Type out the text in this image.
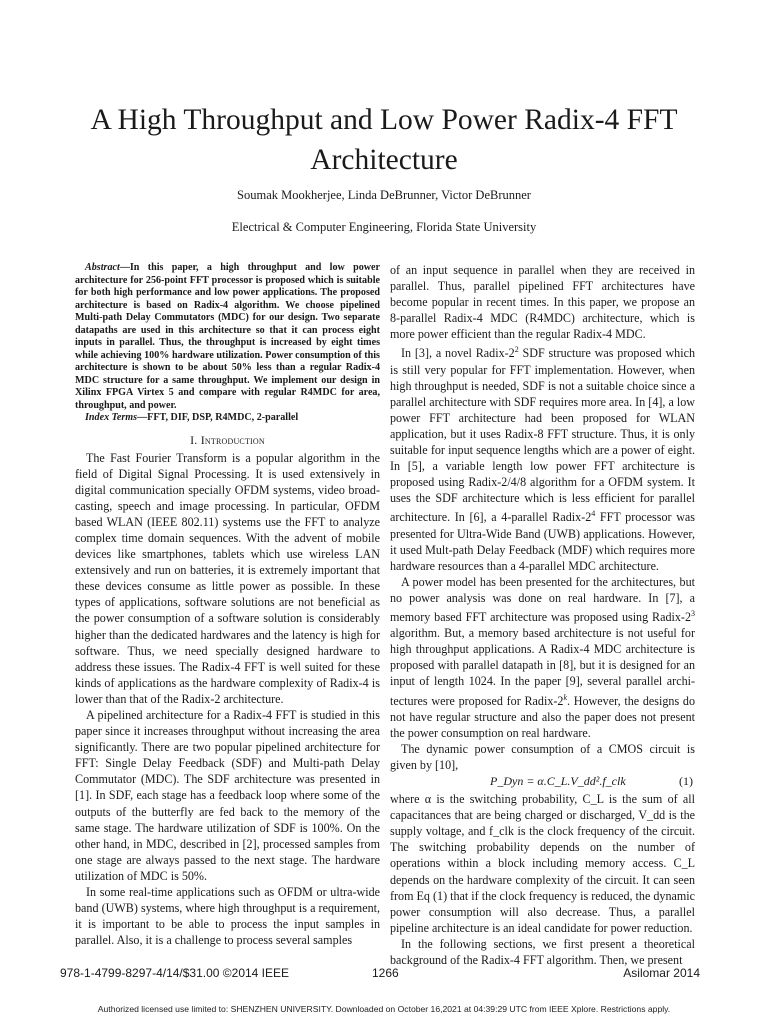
A High Throughput and Low Power Radix-4 FFT Architecture
Soumak Mookherjee, Linda DeBrunner, Victor DeBrunner
Electrical & Computer Engineering, Florida State University

Abstract—In this paper, a high throughput and low power architecture for 256-point FFT processor is proposed which is suitable for both high performance and low power applications. The proposed architecture is based on Radix-4 algorithm. We choose pipelined Multi-path Delay Commutators (MDC) for our design. Two separate datapaths are used in this architecture so that it can process eight inputs in parallel. Thus, the throughput is increased by eight times while achieving 100% hardware utilization. Power consumption of this architecture is shown to be about 50% less than a regular Radix-4 MDC structure for a same throughput. We implement our design in Xilinx FPGA Virtex 5 and compare with regular R4MDC for area, throughput, and power.

Index Terms—FFT, DIF, DSP, R4MDC, 2-parallel

I. Introduction

The Fast Fourier Transform is a popular algorithm in the field of Digital Signal Processing. It is used extensively in digital communication specially OFDM systems, video broad-casting, speech and image processing. In particular, OFDM based WLAN (IEEE 802.11) systems use the FFT to analyze complex time domain sequences. With the advent of mobile devices like smartphones, tablets which use wireless LAN extensively and run on batteries, it is extremely important that these devices consume as little power as possible. In these types of applications, software solutions are not beneficial as the power consumption of a software solution is considerably higher than the dedicated hardwares and the latency is high for software. Thus, we need specially designed hardware to address these issues. The Radix-4 FFT is well suited for these kinds of applications as the hardware complexity of Radix-4 is lower than that of the Radix-2 architecture.

A pipelined architecture for a Radix-4 FFT is studied in this paper since it increases throughput without increasing the area significantly. There are two popular pipelined architecture for FFT: Single Delay Feedback (SDF) and Multi-path Delay Commutator (MDC). The SDF architecture was presented in [1]. In SDF, each stage has a feedback loop where some of the outputs of the butterfly are fed back to the memory of the same stage. The hardware utilization of SDF is 100%. On the other hand, in MDC, described in [2], processed samples from one stage are always passed to the next stage. The hardware utilization of MDC is 50%.

In some real-time applications such as OFDM or ultra-wide band (UWB) systems, where high throughput is a requirement, it is important to be able to process the input samples in parallel. Also, it is a challenge to process several samples

of an input sequence in parallel when they are received in parallel. Thus, parallel pipelined FFT architectures have become popular in recent times. In this paper, we propose an 8-parallel Radix-4 MDC (R4MDC) architecture, which is more power efficient than the regular Radix-4 MDC.

In [3], a novel Radix-$2^2$ SDF structure was proposed which is still very popular for FFT implementation. However, when high throughput is needed, SDF is not a suitable choice since a parallel architecture with SDF requires more area. In [4], a low power FFT architecture had been proposed for WLAN application, but it uses Radix-8 FFT structure. Thus, it is only suitable for input sequence lengths which are a power of eight. In [5], a variable length low power FFT architecture is proposed using Radix-2/4/8 algorithm for a OFDM system. It uses the SDF architecture which is less efficient for parallel architecture. In [6], a 4-parallel Radix-$2^4$ FFT processor was presented for Ultra-Wide Band (UWB) applications. However, it used Mult-path Delay Feedback (MDF) which requires more hardware resources than a 4-parallel MDC architecture.

A power model has been presented for the architectures, but no power analysis was done on real hardware. In [7], a memory based FFT architecture was proposed using Radix-$2^3$ algorithm. But, a memory based architecture is not useful for high throughput applications. A Radix-4 MDC architecture is proposed with parallel datapath in [8], but it is designed for an input of length 1024. In the paper [9], several parallel archi-tectures were proposed for Radix-2$^k$. However, the designs do not have regular structure and also the paper does not present the power consumption on real hardware.

The dynamic power consumption of a CMOS circuit is given by [10],

P_Dyn = α.C_L.V_dd².f_clk	(1)

where α is the switching probability, C_L is the sum of all capacitances that are being charged or discharged, V_dd is the supply voltage, and f_clk is the clock frequency of the circuit. The switching probability depends on the number of operations within a block including memory access. C_L depends on the hardware complexity of the circuit. It can seen from Eq (1) that if the clock frequency is reduced, the dynamic power consumption will also decrease. Thus, a parallel pipeline architecture is an ideal candidate for power reduction.

In the following sections, we first present a theoretical background of the Radix-4 FFT algorithm. Then, we present

978-1-4799-8297-4/14/$31.00 ©2014 IEEE	1266	Asilomar 2014
Authorized licensed use limited to: SHENZHEN UNIVERSITY. Downloaded on October 16,2021 at 04:39:29 UTC from IEEE Xplore. Restrictions apply.
